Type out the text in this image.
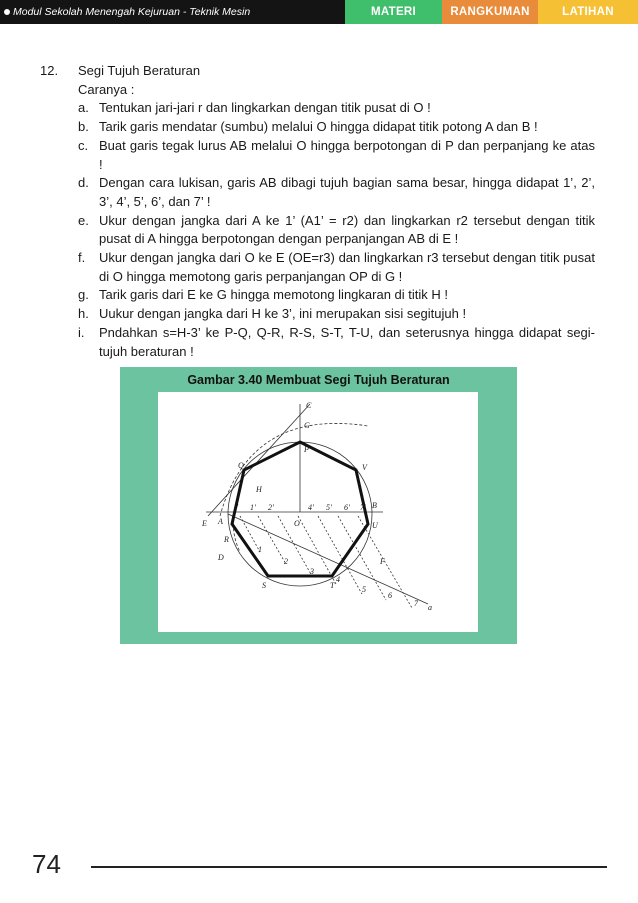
Modul Sekolah Menengah Kejuruan - Teknik Mesin	MATERI	RANGKUMAN	LATIHAN
12.	Segi Tujuh Beraturan
Caranya :
a. Tentukan jari-jari r dan lingkarkan dengan titik pusat di O !
b. Tarik garis mendatar (sumbu) melalui O hingga didapat titik potong A dan B !
c. Buat garis tegak lurus AB melalui O hingga berpotongan di P dan perpanjang ke atas !
d. Dengan cara lukisan, garis AB dibagi tujuh bagian sama besar, hingga didapat 1’, 2’, 3’, 4’, 5’, 6’, dan 7’ !
e. Ukur dengan jangka dari A ke 1’ (A1’ = r2) dan lingkarkan r2 tersebut dengan titik pusat di A hingga berpotongan dengan perpanjangan AB di E !
f.	Ukur dengan jangka dari O ke E (OE=r3) dan lingkarkan r3 tersebut dengan titik pusat di O hingga memotong garis perpanjangan OP di G !
g. Tarik garis dari E ke G hingga memotong lingkaran di titik H !
h. Uukur dengan jangka dari H ke 3’, ini merupakan sisi segitujuh !
i.	Pndahkan s=H-3’ ke P-Q, Q-R, R-S, S-T, T-U, dan seterusnya hingga didapat segi-tujuh beraturan !
Gambar 3.40 Membuat Segi Tujuh Beraturan
C
G
P
Q	V
B
H
A
E	O	U
R
S	T
D	F
a
1
2
3
4
5
6
7
1' 2'	4' 5' 6' 7'
74
